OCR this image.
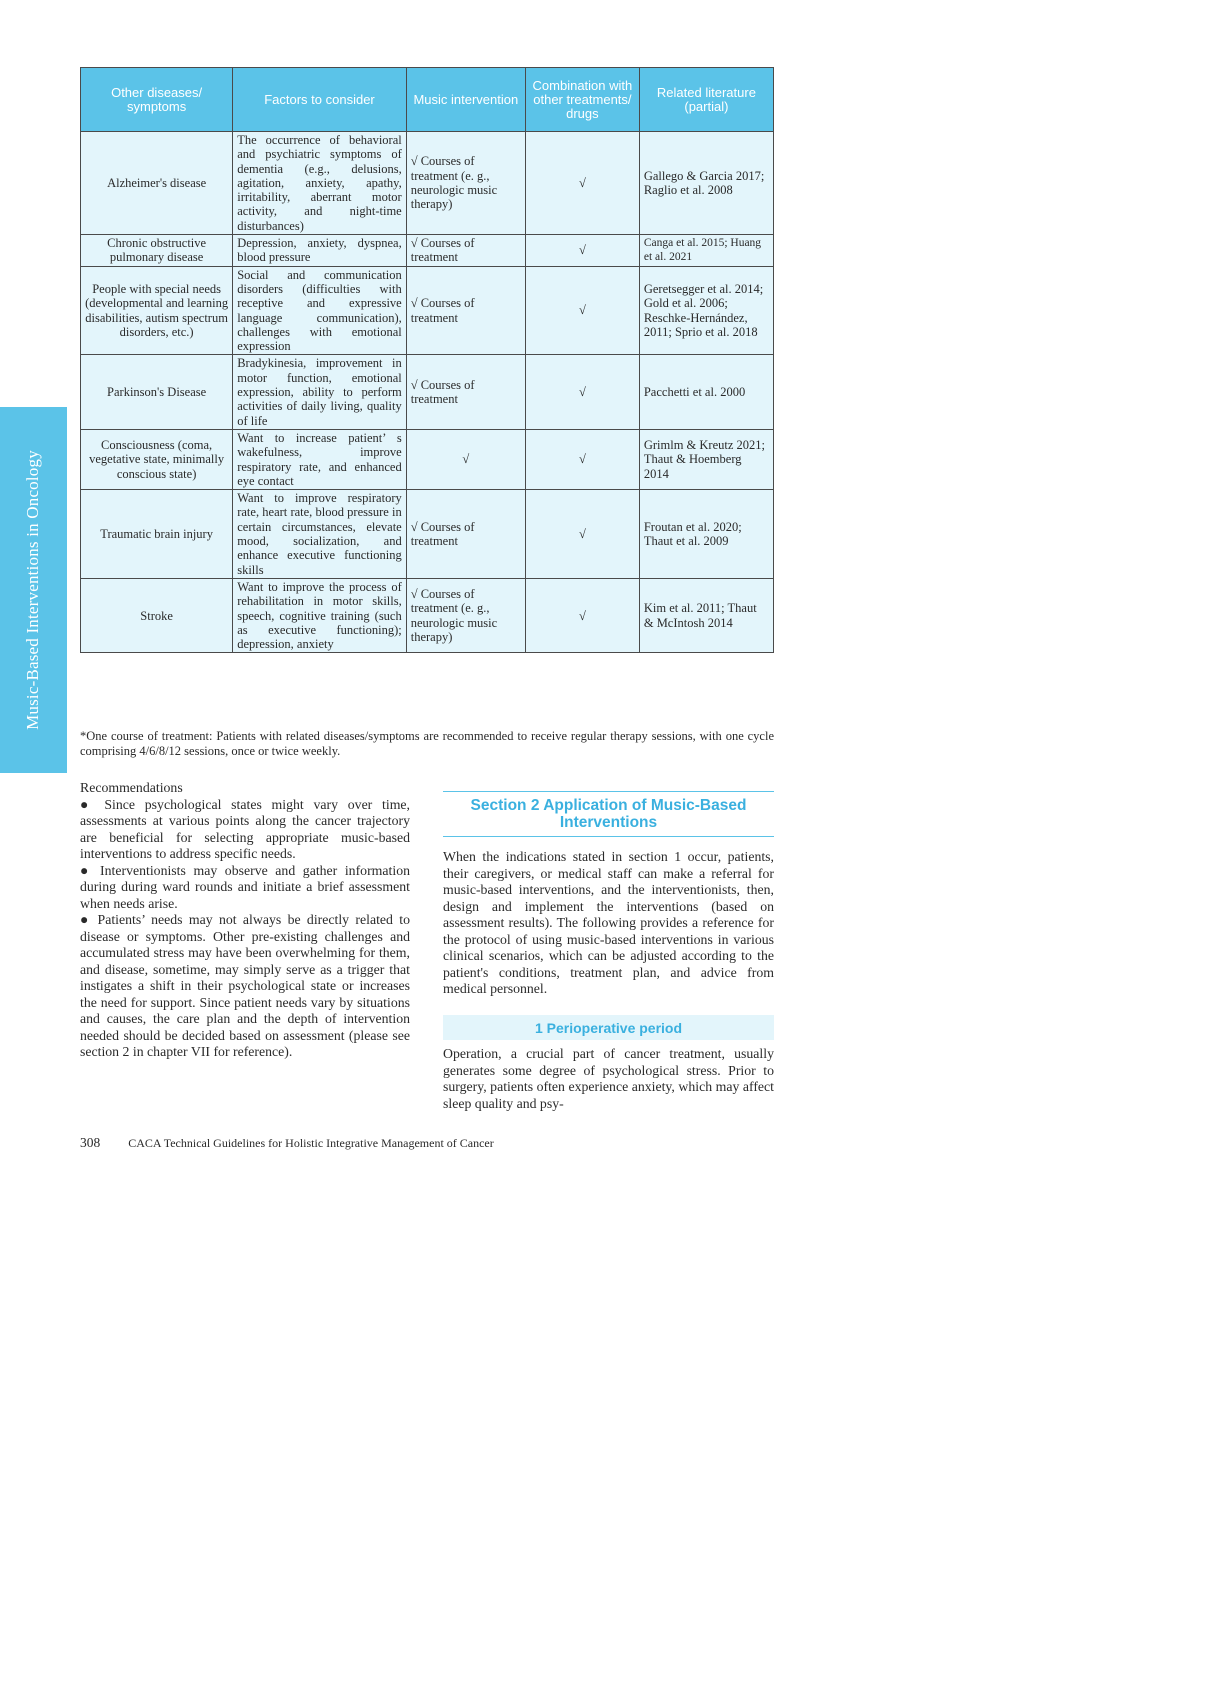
Music-Based Interventions in Oncology
Other diseases/ symptoms	Factors to consider	Music intervention	Combination with other treatments/ drugs	Related literature (partial)
Alzheimer's disease	The occurrence of behavioral and psychiatric symptoms of dementia (e.g., delusions, agitation, anxiety, apathy, irritability, aberrant motor activity, and night-time disturbances)	√ Courses of treatment (e. g., neurologic music therapy)	√	Gallego & Garcia 2017; Raglio et al. 2008
Chronic obstructive pulmonary disease	Depression, anxiety, dyspnea, blood pressure	√ Courses of treatment	√	Canga et al. 2015; Huang et al. 2021
People with special needs (developmental and learning disabilities, autism spectrum disorders, etc.)	Social and communication disorders (difficulties with receptive and expressive language communication), challenges with emotional expression	√ Courses of treatment	√	Geretsegger et al. 2014; Gold et al. 2006; Reschke-Hernández, 2011; Sprio et al. 2018
Parkinson's Disease	Bradykinesia, improvement in motor function, emotional expression, ability to perform activities of daily living, quality of life	√ Courses of treatment	√	Pacchetti et al. 2000
Consciousness (coma, vegetative state, minimally conscious state)	Want to increase patient’ s wakefulness, improve respiratory rate, and enhanced eye contact	√	√	Grimlm & Kreutz 2021; Thaut & Hoemberg 2014
Traumatic brain injury	Want to improve respiratory rate, heart rate, blood pressure in certain circumstances, elevate mood, socialization, and enhance executive functioning skills	√ Courses of treatment	√	Froutan et al. 2020; Thaut et al. 2009
Stroke	Want to improve the process of rehabilitation in motor skills, speech, cognitive training (such as executive functioning); depression, anxiety	√ Courses of treatment (e. g., neurologic music therapy)	√	Kim et al. 2011; Thaut & McIntosh 2014
*One course of treatment: Patients with related diseases/symptoms are recommended to receive regular therapy sessions, with one cycle comprising 4/6/8/12 sessions, once or twice weekly.

Recommendations

● Since psychological states might vary over time, assessments at various points along the cancer trajectory are beneficial for selecting appropriate music-based interventions to address specific needs.

● Interventionists may observe and gather information during during ward rounds and initiate a brief assessment when needs arise.

● Patients’ needs may not always be directly related to disease or symptoms. Other pre-existing challenges and accumulated stress may have been overwhelming for them, and disease, sometime, may simply serve as a trigger that instigates a shift in their psychological state or increases the need for support. Since patient needs vary by situations and causes, the care plan and the depth of intervention needed should be decided based on assessment (please see section 2 in chapter VII for reference).

Section 2 Application of Music-Based Interventions

When the indications stated in section 1 occur, patients, their caregivers, or medical staff can make a referral for music-based interventions, and the interventionists, then, design and implement the interventions (based on assessment results). The following provides a reference for the protocol of using music-based interventions in various clinical scenarios, which can be adjusted according to the patient's conditions, treatment plan, and advice from medical personnel.

1 Perioperative period

Operation, a crucial part of cancer treatment, usually generates some degree of psychological stress. Prior to surgery, patients often experience anxiety, which may affect sleep quality and psy-

308 CACA Technical Guidelines for Holistic Integrative Management of Cancer
